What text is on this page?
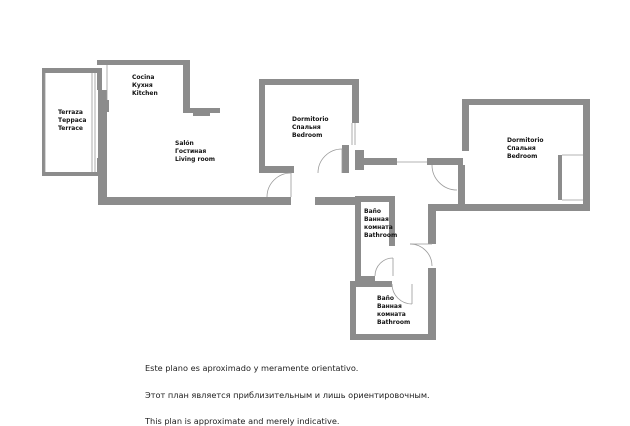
Terraza Терраса Terrace
Cocina Кухня Kitchen
Salón Гостиная Living room
Dormitorio Спальня Bedroom
Dormitorio Спальня Bedroom
Baño Ванная комната Bathroom
Baño Ванная комната Bathroom
Este plano es aproximado y meramente orientativo.
Этот план является приблизительным и лишь ориентировочным.
This plan is approximate and merely indicative.
